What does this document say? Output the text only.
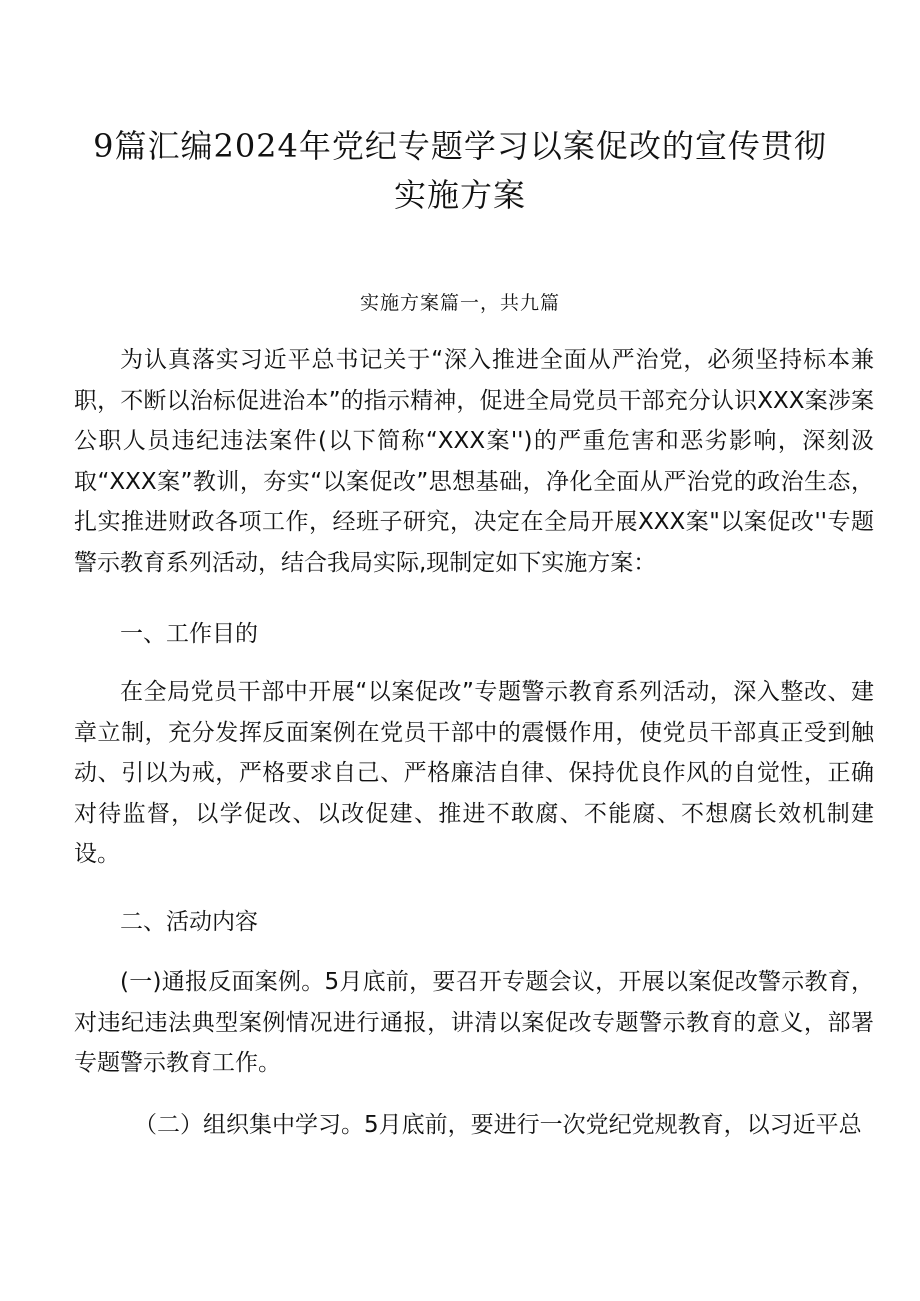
9篇汇编2024年党纪专题学习以案促改的宣传贯彻
实施方案
实施方案篇一，共九篇
为认真落实习近平总书记关于“深入推进全面从严治党，必须坚持标本兼职，不断以治标促进治本”的指示精神，促进全局党员干部充分认识XXX案涉案公职人员违纪违法案件(以下简称“XXX案'')的严重危害和恶劣影响，深刻汲取“XXX案”教训，夯实“以案促改”思想基础，净化全面从严治党的政治生态，扎实推进财政各项工作，经班子研究，决定在全局开展XXX案"以案促改''专题警示教育系列活动，结合我局实际,现制定如下实施方案：
一、工作目的
在全局党员干部中开展“以案促改”专题警示教育系列活动，深入整改、建章立制，充分发挥反面案例在党员干部中的震慑作用，使党员干部真正受到触动、引以为戒，严格要求自己、严格廉洁自律、保持优良作风的自觉性，正确对待监督，以学促改、以改促建、推进不敢腐、不能腐、不想腐长效机制建设。
二、活动内容
(一)通报反面案例。5月底前，要召开专题会议，开展以案促改警示教育，对违纪违法典型案例情况进行通报，讲清以案促改专题警示教育的意义，部署专题警示教育工作。
（二）组织集中学习。5月底前，要进行一次党纪党规教育，以习近平总
